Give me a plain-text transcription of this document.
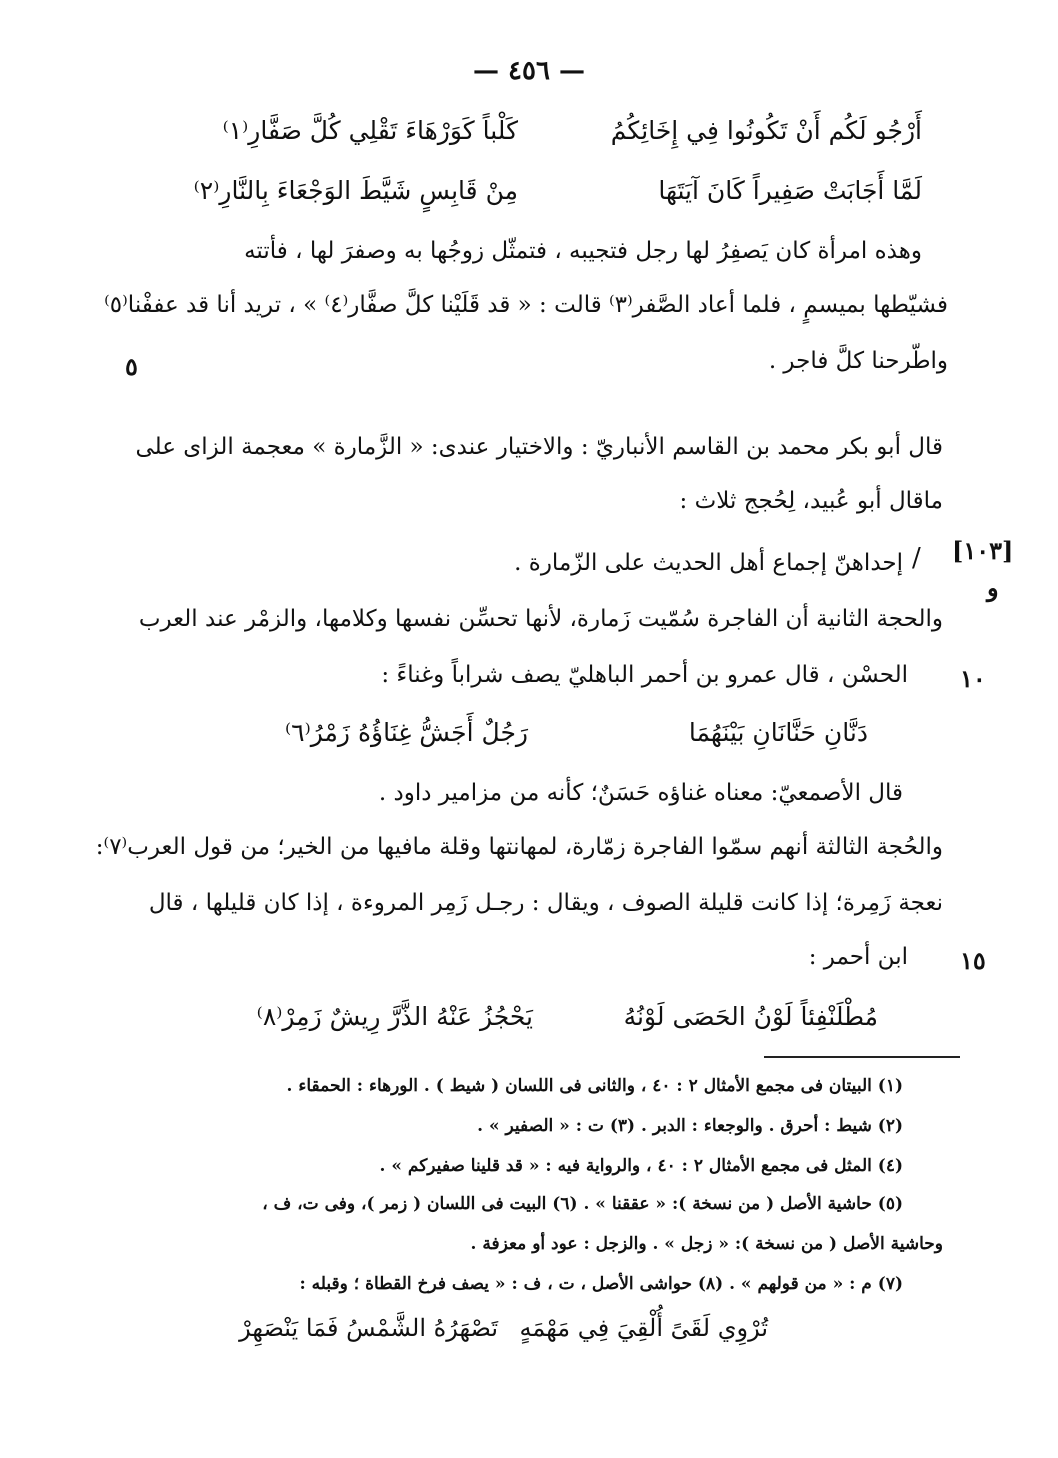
— ٤٥٦ —
أَرْجُو لَكُم أَنْ تَكُونُوا فِي إِخَائِكُمُ
كَلْباً كَوَرْهَاءَ تَقْلِي كُلَّ صَفَّارِ⁽١⁾
لَمَّا أَجَابَتْ صَفِيراً كَانَ آيَتَهَا
مِنْ قَابِسٍ شَيَّطَ الوَجْعَاءَ بِالنَّارِ⁽٢⁾
وهذه امرأة كان يَصفِرُ لها رجل فتجيبه ، فتمثّل زوجُها به وصفرَ لها ، فأتته
فشيّطها بميسمٍ ، فلما أعاد الصَّفر⁽٣⁾ قالت : « قد قَلَيْنا كلَّ صفَّار⁽٤⁾ » ، تريد أنا قد عففْنا⁽٥⁾
واطّرحنا كلَّ فاجر .
٥
قال أبو بكر محمد بن القاسم الأنباريّ : والاختيار عندى: « الزَّمارة » معجمة الزاى على
ماقال أبو عُبيد، لِحُجج ثلاث :
[١٠٣]
و
/
إحداهنّ إجماع أهل الحديث على الزّمارة .
والحجة الثانية أن الفاجرة سُمّيت زَمارة، لأنها تحسِّن نفسها وكلامها، والزمْر عند العرب
الحسْن ، قال عمرو بن أحمر الباهليّ يصف شراباً وغناءً : ١٠
دَنَّانِ حَنَّانَانِ بَيْنَهُمَا
رَجُلٌ أَجَشُّ غِنَاؤُهُ زَمْرُ⁽٦⁾
قال الأصمعيّ: معناه غناؤه حَسَنٌ؛ كأنه من مزامير داود .
والحُجة الثالثة أنهم سمّوا الفاجرة زمّارة، لمهانتها وقلة مافيها من الخير؛ من قول العرب⁽٧⁾:
نعجة زَمِرة؛ إذا كانت قليلة الصوف ، ويقال : رجـل زَمِر المروءة ، إذا كان قليلها ، قال
ابن أحمر : ١٥
مُطْلَنْفِئاً لَوْنُ الحَصَى لَوْنُهُ
يَحْجُزُ عَنْهُ الذَّرَّ رِيشٌ زَمِرْ⁽٨⁾
(١) البيتان فى مجمع الأمثال ٢ : ٤٠ ، والثانى فى اللسان ( شيط ) . الورهاء : الحمقاء .
(٢) شيط : أحرق . والوجعاء : الدبر . (٣) ت : « الصفير » .
(٤) المثل فى مجمع الأمثال ٢ : ٤٠ ، والرواية فيه : « قد قلينا صفيركم » .
(٥) حاشية الأصل ( من نسخة ): « عققنا » . (٦) البيت فى اللسان ( زمر )، وفى ت، ف ،
وحاشية الأصل ( من نسخة ): « زجل » . والزجل : عود أو معزفة .
(٧) م : « من قولهم » . (٨) حواشى الأصل ، ت ، ف : « يصف فرخ القطاة ؛ وقبله :
تُرْوِي لَقَىً أُلْقِيَ فِي مَهْمَهٍ
تَصْهَرُهُ الشَّمْسُ فَمَا يَنْصَهِرْ
